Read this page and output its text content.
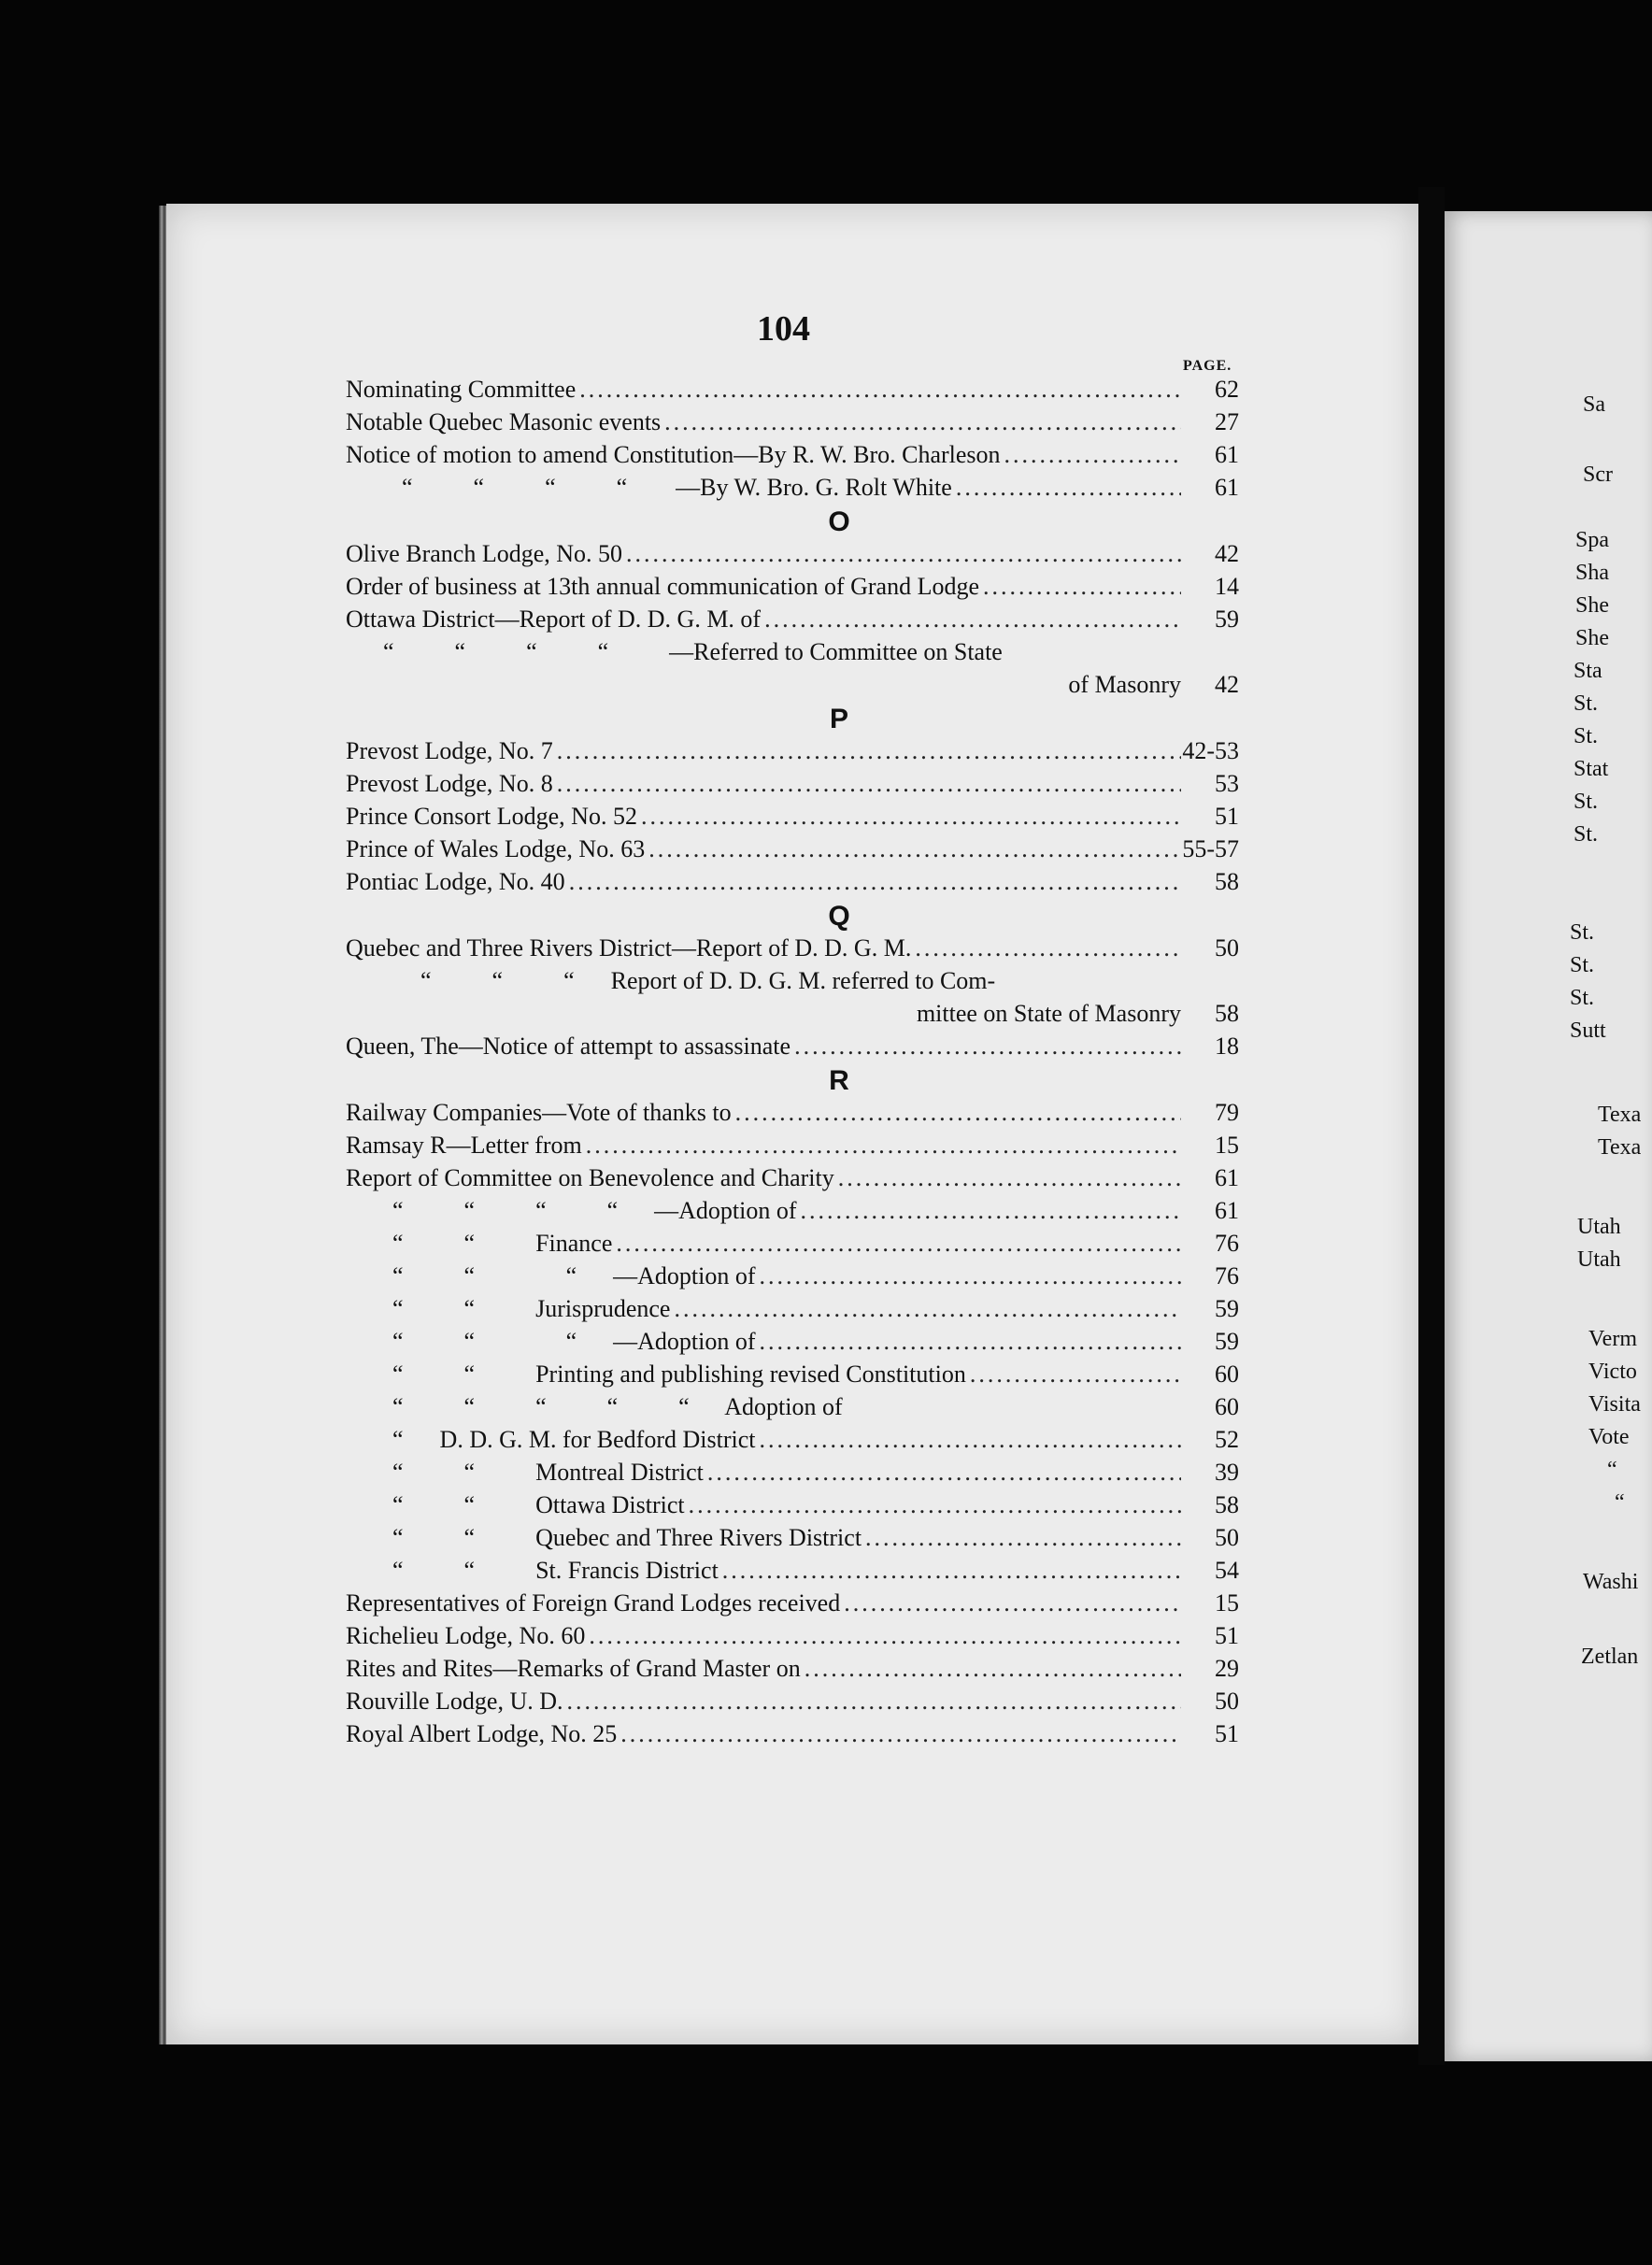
104
PAGE.
Nominating Committee .....	62
Notable Quebec Masonic events .....	27
Notice of motion to amend Constitution—By R. W. Bro. Charleson .....	61
“          “          “          “        —By W. Bro. G. Rolt White .....	61
O
Olive Branch Lodge, No. 50 .....	42
Order of business at 13th annual communication of Grand Lodge .....	14
Ottawa District—Report of D. D. G. M. of .....	59
“          “          “          “          —Referred to Committee on State
of Masonry	42
P
Prevost Lodge, No. 7 .....	42-53
Prevost Lodge, No. 8 .....	53
Prince Consort Lodge, No. 52 .....	51
Prince of Wales Lodge, No. 63 .....	55-57
Pontiac Lodge, No. 40 .....	58
Q
Quebec and Three Rivers District—Report of D. D. G. M. .....	50
“          “          “      Report of D. D. G. M. referred to Com-
mittee on State of Masonry	58
Queen, The—Notice of attempt to assassinate .....	18
R
Railway Companies—Vote of thanks to .....	79
Ramsay R—Letter from .....	15
Report of Committee on Benevolence and Charity .....	61
“          “          “          “      —Adoption of .....	61
“          “          Finance .....	76
“          “               “      —Adoption of .....	76
“          “          Jurisprudence .....	59
“          “               “      —Adoption of .....	59
“          “          Printing and publishing revised Constitution .....	60
“          “          “          “          “      Adoption of	60
“      D. D. G. M. for Bedford District .....	52
“          “          Montreal District .....	39
“          “          Ottawa District .....	58
“          “          Quebec and Three Rivers District .....	50
“          “          St. Francis District .....	54
Representatives of Foreign Grand Lodges received .....	15
Richelieu Lodge, No. 60 .....	51
Rites and Rites—Remarks of Grand Master on .....	29
Rouville Lodge, U. D. .....	50
Royal Albert Lodge, No. 25 .....	51
Sa
Scr
Spa
Sha
She
She
Sta
St.
St.
Stat
St.
St.
St.
St.
St.
Sutt
Texa
Texa
Utah
Utah
Verm
Victo
Visita
Vote
“
“
Washi
Zetlan
